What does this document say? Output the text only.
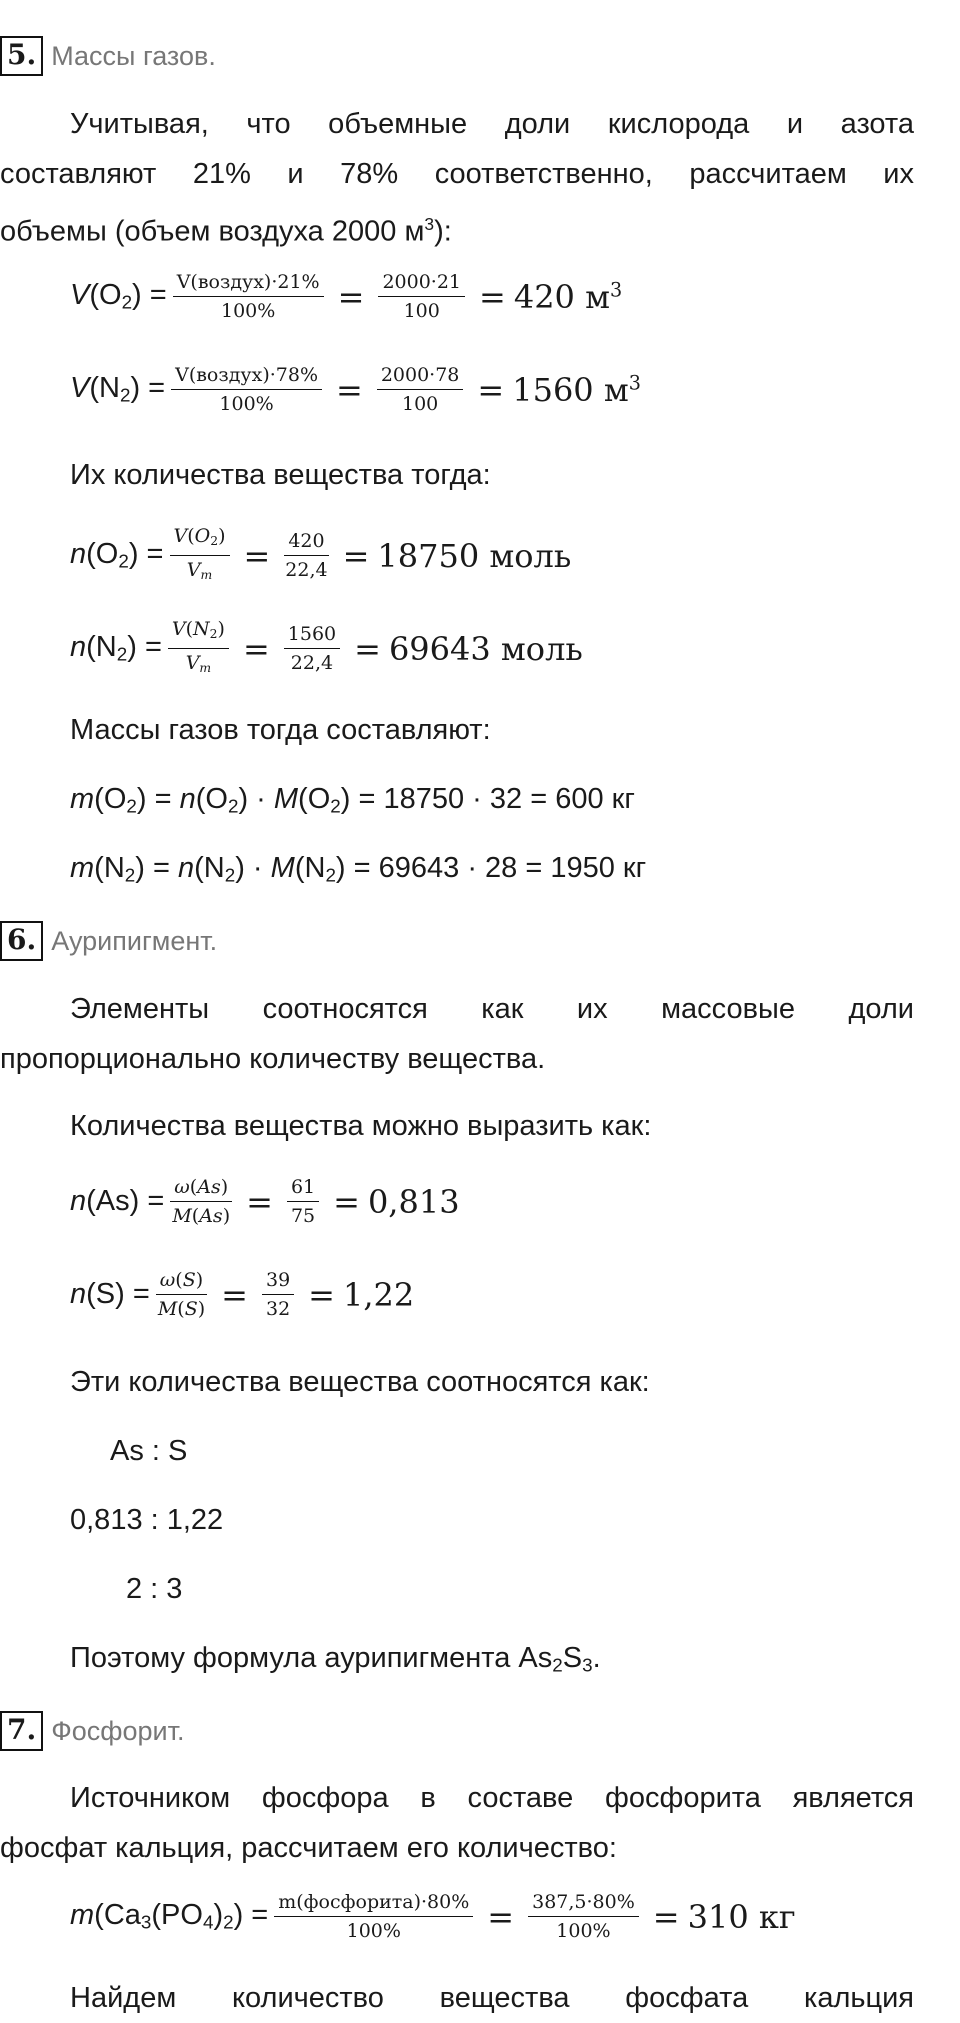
5. Массы газов.
Учитывая, что объемные доли кислорода и азота
составляют 21% и 78% соответственно, рассчитаем их
объемы (объем воздуха 2000 $м^3$):
$V(O_2) = \frac{\text{V(воздух)·21\%}}{100\%} = \frac{2000\cdot 21}{100} = 420$ $м^3$
$V(N_2) = \frac{\text{V(воздух)·78\%}}{100\%} = \frac{2000\cdot 78}{100} = 1560$ $м^3$
Их количества вещества тогда:
$n(O_2) = \frac{V(O_2)}{V_m} = \frac{420}{22,4} = 18750$ моль
$n(N_2) = \frac{V(N_2)}{V_m} = \frac{1560}{22,4} = 69643$ моль
Массы газов тогда составляют:
$m(O_2) = n(O_2) \cdot M(O_2) = 18750 \cdot 32 = 600$ кг
$m(N_2) = n(N_2) \cdot M(N_2) = 69643 \cdot 28 = 1950$ кг
6. Аурипигмент.
Элементы соотносятся как их массовые доли
пропорционально количеству вещества.
Количества вещества можно выразить как:
$n(As) = \frac{\omega(As)}{M(As)} = \frac{61}{75} = 0,813$
$n(S) = \frac{\omega(S)}{M(S)} = \frac{39}{32} = 1,22$
Эти количества вещества соотносятся как:
As : S
0,813 : 1,22
2 : 3
Поэтому формула аурипигмента $As_2S_3$.
7. Фосфорит.
Источником фосфора в составе фосфорита является
фосфат кальция, рассчитаем его количество:
$m(Ca_3(PO_4)_2) = \frac{\text{m(фосфорита)·80\%}}{100\%} = \frac{387,5\cdot 80\%}{100\%} = 310$ кг
Найдем количество вещества фосфата кальция
